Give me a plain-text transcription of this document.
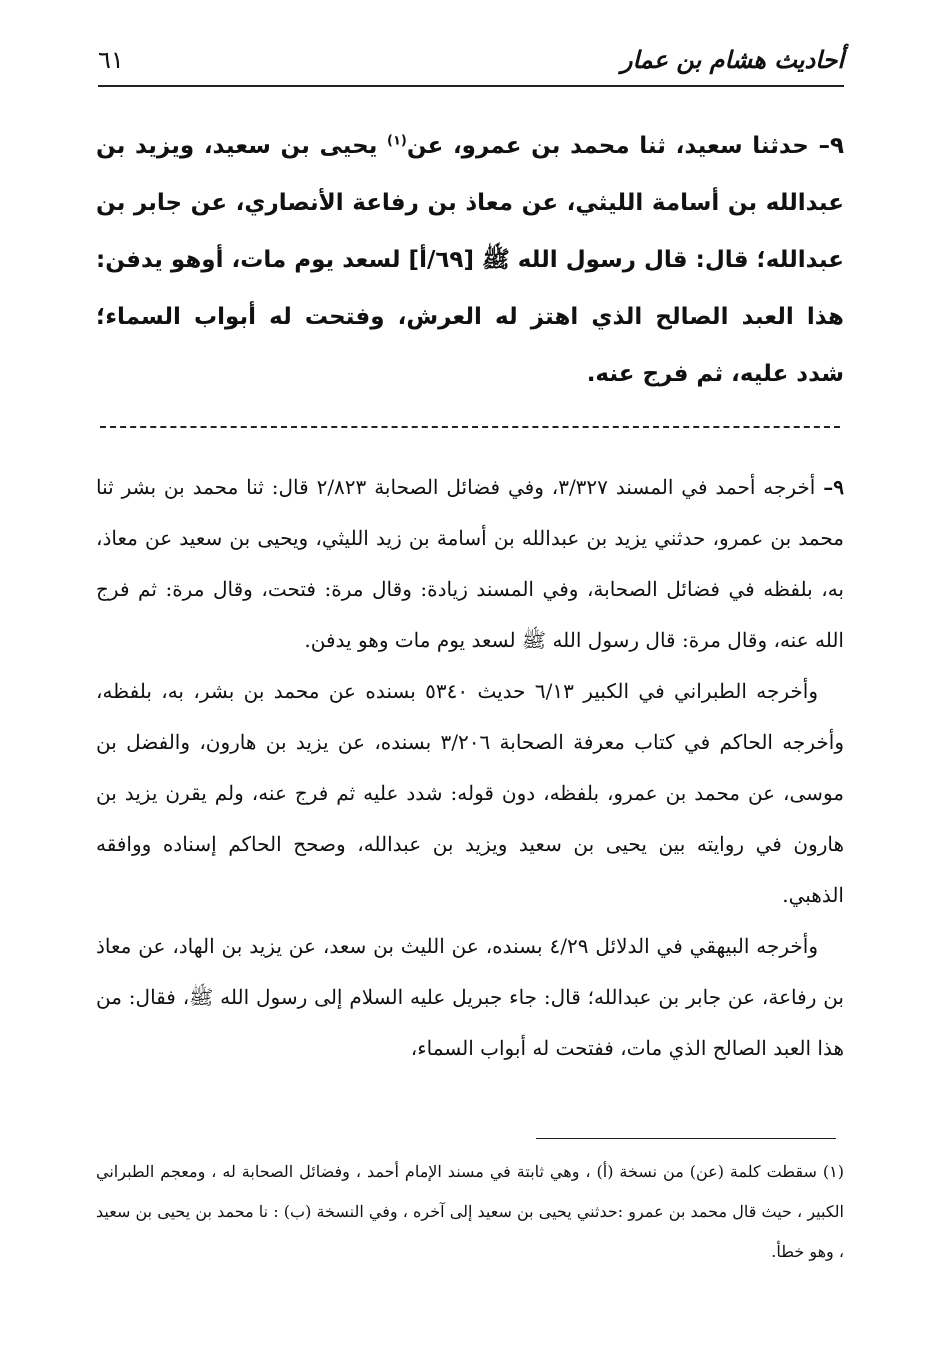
أحاديث هشام بن عمار
٦١
٩– حدثنا سعيد، ثنا محمد بن عمرو، عن$^{(١)}$ يحيى بن سعيد، ويزيد بن عبدالله بن أسامة الليثي، عن معاذ بن رفاعة الأنصاري، عن جابر بن عبدالله؛ قال: قال رسول الله ﷺ [٦٩/أ] لسعد يوم مات، أوهو يدفن: هذا العبد الصالح الذي اهتز له العرش، وفتحت له أبواب السماء؛ شدد عليه، ثم فرج عنه.

٩– أخرجه أحمد في المسند ٣/٣٢٧، وفي فضائل الصحابة ٢/٨٢٣ قال: ثنا محمد بن بشر ثنا محمد بن عمرو، حدثني يزيد بن عبدالله بن أسامة بن زيد الليثي، ويحيى بن سعيد عن معاذ، به، بلفظه في فضائل الصحابة، وفي المسند زيادة: وقال مرة: فتحت، وقال مرة: ثم فرج الله عنه، وقال مرة: قال رسول الله ﷺ لسعد يوم مات وهو يدفن.

وأخرجه الطبراني في الكبير ٦/١٣ حديث ٥٣٤٠ بسنده عن محمد بن بشر، به، بلفظه، وأخرجه الحاكم في كتاب معرفة الصحابة ٣/٢٠٦ بسنده، عن يزيد بن هارون، والفضل بن موسى، عن محمد بن عمرو، بلفظه، دون قوله: شدد عليه ثم فرج عنه، ولم يقرن يزيد بن هارون في روايته بين يحيى بن سعيد ويزيد بن عبدالله، وصحح الحاكم إسناده ووافقه الذهبي.

وأخرجه البيهقي في الدلائل ٤/٢٩ بسنده، عن الليث بن سعد، عن يزيد بن الهاد، عن معاذ بن رفاعة، عن جابر بن عبدالله؛ قال: جاء جبريل عليه السلام إلى رسول الله ﷺ، فقال: من هذا العبد الصالح الذي مات، ففتحت له أبواب السماء،

(١) سقطت كلمة (عن) من نسخة (أ) ، وهي ثابتة في مسند الإمام أحمد ، وفضائل الصحابة له ، ومعجم الطبراني الكبير ، حيث قال محمد بن عمرو :حدثني يحيى بن سعيد إلى آخره ، وفي النسخة (ب) : نا محمد بن يحيى بن سعيد ، وهو خطأ.
